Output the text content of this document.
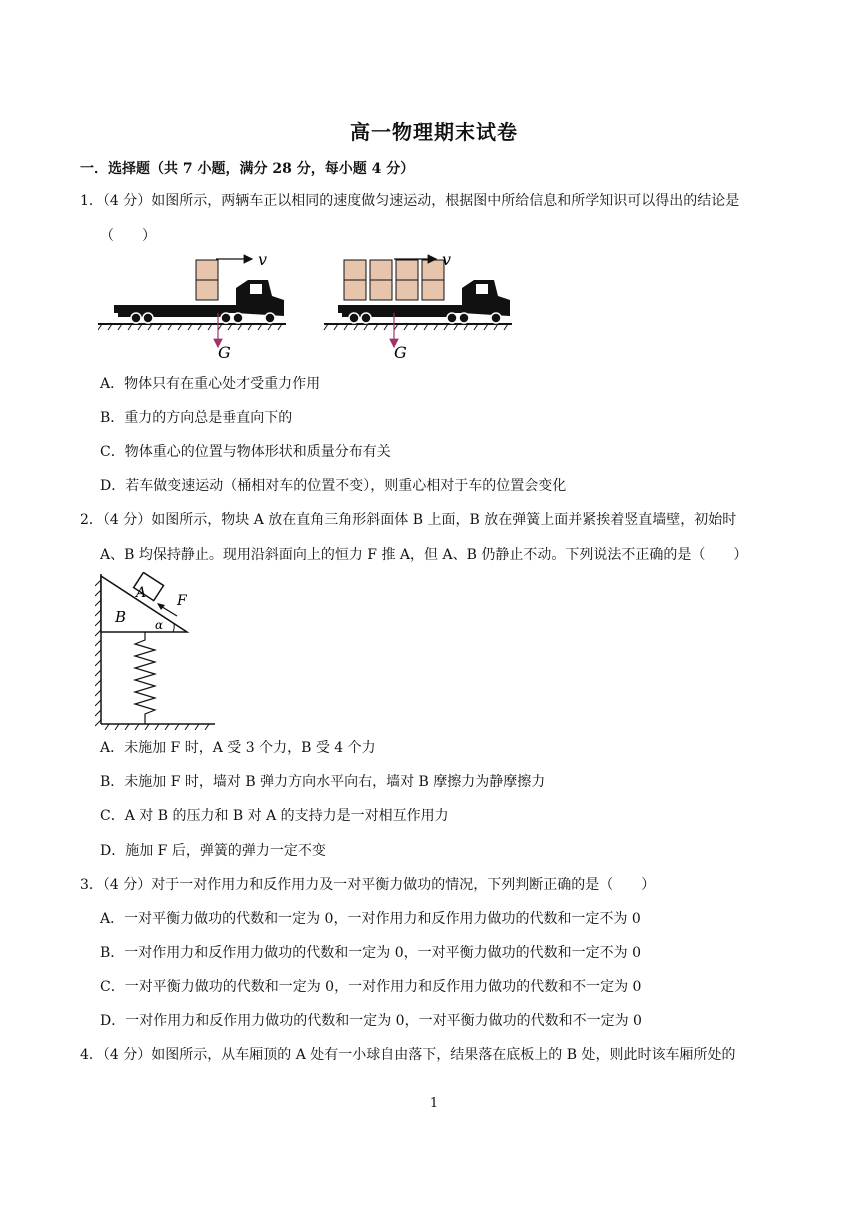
高一物理期末试卷
一．选择题（共 7 小题，满分 28 分，每小题 4 分）
1．（4 分）如图所示，两辆车正以相同的速度做匀速运动，根据图中所给信息和所学知识可以得出的结论是
（　　）
v
G
v
G
A．物体只有在重心处才受重力作用
B．重力的方向总是垂直向下的
C．物体重心的位置与物体形状和质量分布有关
D．若车做变速运动（桶相对车的位置不变），则重心相对于车的位置会变化
2．（4 分）如图所示，物块 A 放在直角三角形斜面体 B 上面，B 放在弹簧上面并紧挨着竖直墙壁，初始时
A、B 均保持静止。现用沿斜面向上的恒力 F 推 A，但 A、B 仍静止不动。下列说法不正确的是（　　）
α
B
A F
A．未施加 F 时，A 受 3 个力，B 受 4 个力
B．未施加 F 时，墙对 B 弹力方向水平向右，墙对 B 摩擦力为静摩擦力
C．A 对 B 的压力和 B 对 A 的支持力是一对相互作用力
D．施加 F 后，弹簧的弹力一定不变
3．（4 分）对于一对作用力和反作用力及一对平衡力做功的情况，下列判断正确的是（　　）
A．一对平衡力做功的代数和一定为 0，一对作用力和反作用力做功的代数和一定不为 0
B．一对作用力和反作用力做功的代数和一定为 0，一对平衡力做功的代数和一定不为 0
C．一对平衡力做功的代数和一定为 0，一对作用力和反作用力做功的代数和不一定为 0
D．一对作用力和反作用力做功的代数和一定为 0，一对平衡力做功的代数和不一定为 0
4．（4 分）如图所示，从车厢顶的 A 处有一小球自由落下，结果落在底板上的 B 处，则此时该车厢所处的
1
